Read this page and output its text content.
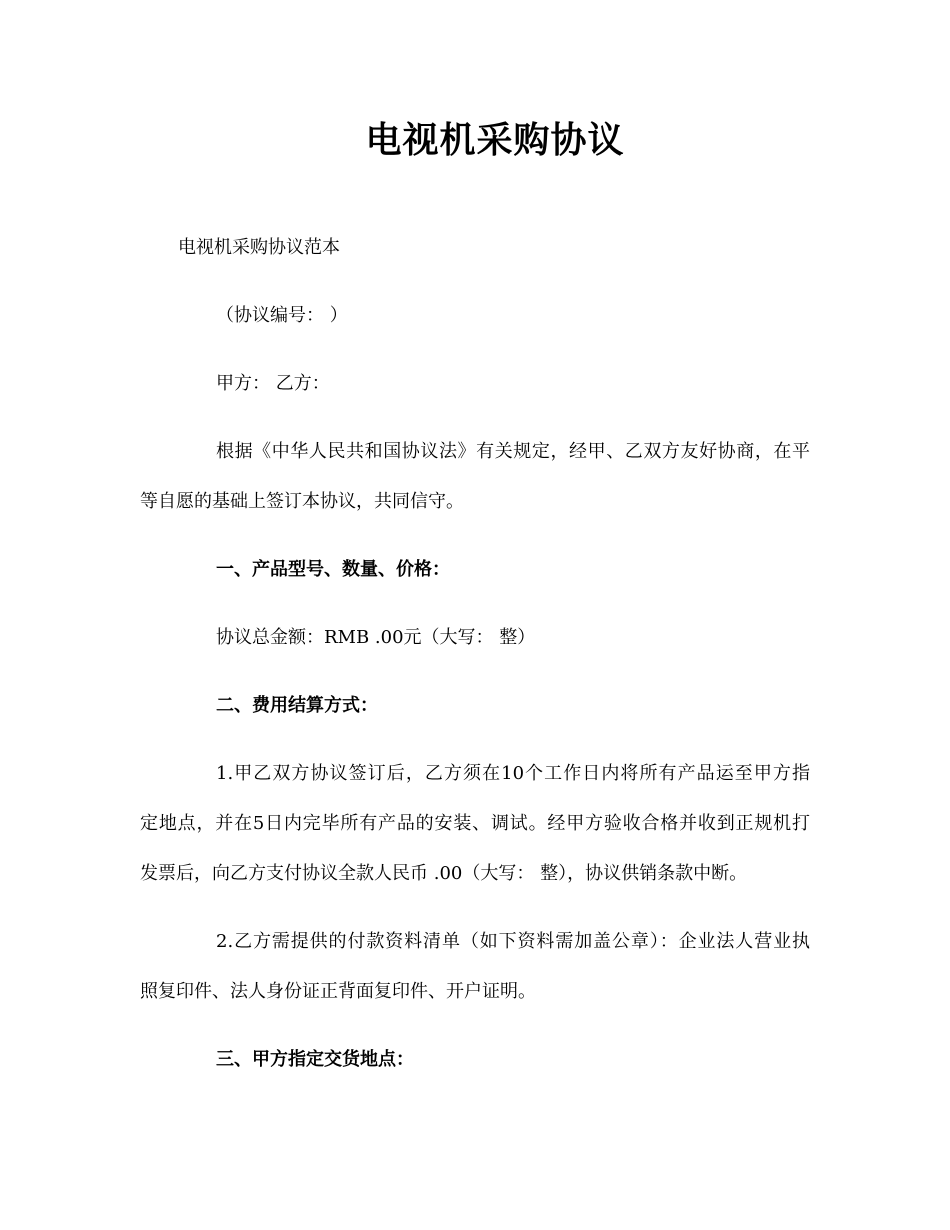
电视机采购协议
电视机采购协议范本
（协议编号： ）
甲方： 乙方：
根据《中华人民共和国协议法》有关规定，经甲、乙双方友好协商，在平
等自愿的基础上签订本协议，共同信守。
一、产品型号、数量、价格：
协议总金额：RMB .00元（大写： 整）
二、费用结算方式：
1.甲乙双方协议签订后，乙方须在10个工作日内将所有产品运至甲方指
定地点，并在5日内完毕所有产品的安装、调试。经甲方验收合格并收到正规机打
发票后，向乙方支付协议全款人民币 .00（大写： 整），协议供销条款中断。
2.乙方需提供的付款资料清单（如下资料需加盖公章）：企业法人营业执
照复印件、法人身份证正背面复印件、开户证明。
三、甲方指定交货地点：
